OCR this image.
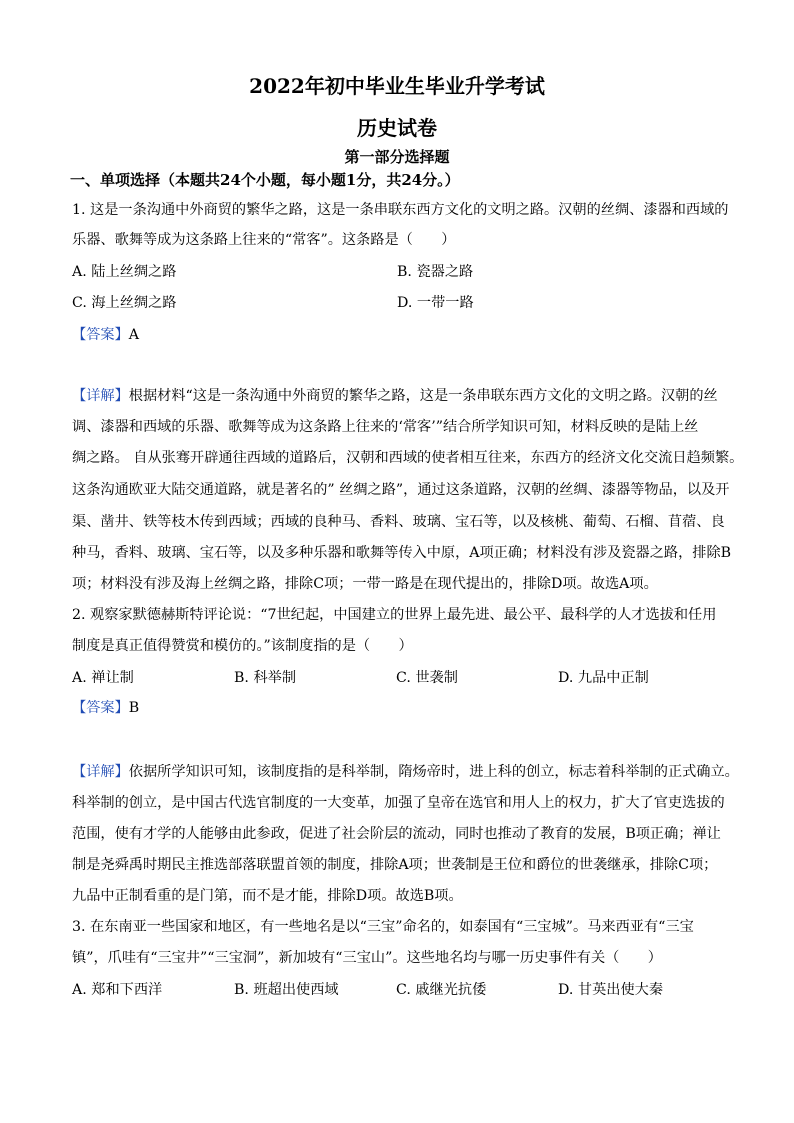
2022年初中毕业生毕业升学考试
历史试卷
第一部分选择题
一、单项选择（本题共24个小题，每小题1分，共24分。）
1. 这是一条沟通中外商贸的繁华之路，这是一条串联东西方文化的文明之路。汉朝的丝绸、漆器和西域的
乐器、歌舞等成为这条路上往来的“常客”。这条路是（　　）
A. 陆上丝绸之路	B. 瓷器之路
C. 海上丝绸之路	D. 一带一路
【答案】A
【详解】根据材料“这是一条沟通中外商贸的繁华之路，这是一条串联东西方文化的文明之路。汉朝的丝
调、漆器和西域的乐器、歌舞等成为这条路上往来的‘常客’”结合所学知识可知，材料反映的是陆上丝
绸之路。 自从张骞开辟通往西域的道路后，汉朝和西域的使者相互往来，东西方的经济文化交流日趋频繁。
这条沟通欧亚大陆交通道路，就是著名的” 丝绸之路”，通过这条道路，汉朝的丝绸、漆器等物品，以及开
渠、凿井、铁等枝木传到西域；西域的良种马、香料、玻璃、宝石等，以及核桃、葡萄、石榴、苜蓿、良
种马，香料、玻璃、宝石等，以及多种乐器和歌舞等传入中原，A项正确；材料没有涉及瓷器之路，排除B
项；材料没有涉及海上丝绸之路，排除C项；一带一路是在现代提出的，排除D项。故选A项。
2. 观察家默德赫斯特评论说：“7世纪起，中国建立的世界上最先进、最公平、最科学的人才选拔和任用
制度是真正值得赞赏和模仿的。”该制度指的是（　　）
A. 禅让制	B. 科举制	C. 世袭制	D. 九品中正制
【答案】B
【详解】依据所学知识可知，该制度指的是科举制，隋炀帝时，进上科的创立，标志着科举制的正式确立。
科举制的创立，是中国古代选官制度的一大变革，加强了皇帝在选官和用人上的权力，扩大了官吏选拔的
范围，使有才学的人能够由此参政，促进了社会阶层的流动，同时也推动了教育的发展，B项正确；禅让
制是尧舜禹时期民主推选部落联盟首领的制度，排除A项；世袭制是王位和爵位的世袭继承，排除C项；
九品中正制看重的是门第，而不是才能，排除D项。故选B项。
3. 在东南亚一些国家和地区，有一些地名是以“三宝”命名的，如泰国有“三宝城”。马来西亚有“三宝
镇”，爪哇有“三宝井”“三宝洞”，新加坡有“三宝山”。这些地名均与哪一历史事件有关（　　）
A. 郑和下西洋	B. 班超出使西域	C. 戚继光抗倭	D. 甘英出使大秦
